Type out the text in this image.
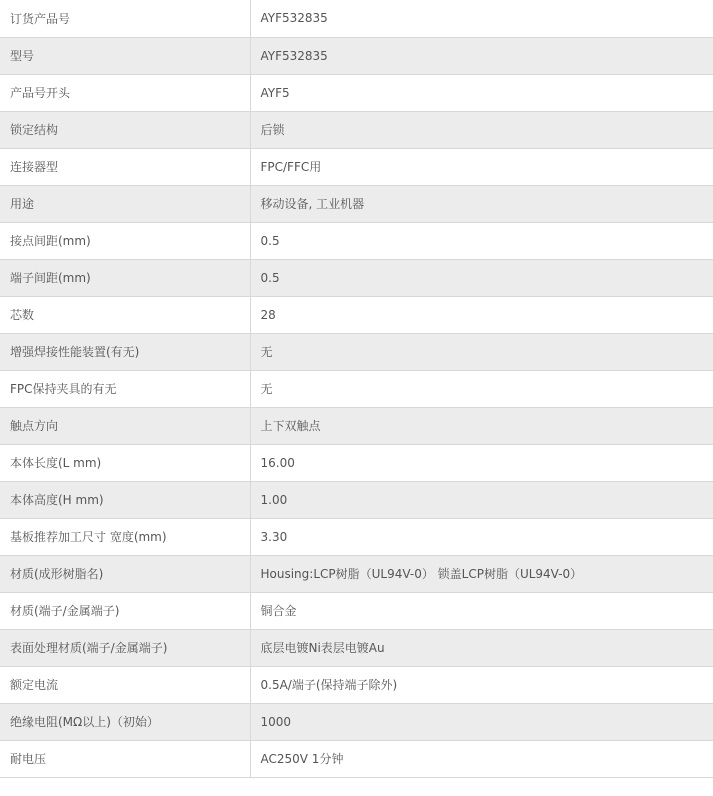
订货产品号	AYF532835
型号	AYF532835
产品号开头	AYF5
锁定结构	后锁
连接器型	FPC/FFC用
用途	移动设备, 工业机器
接点间距(mm)	0.5
端子间距(mm)	0.5
芯数	28
增强焊接性能装置(有无)	无
FPC保持夹具的有无	无
触点方向	上下双触点
本体长度(L mm)	16.00
本体高度(H mm)	1.00
基板推荐加工尺寸 宽度(mm)	3.30
材质(成形树脂名)	Housing:LCP树脂（UL94V-0） 锁盖LCP树脂（UL94V-0）
材质(端子/金属端子)	铜合金
表面处理材质(端子/金属端子)	底层电镀Ni表层电镀Au
额定电流	0.5A/端子(保持端子除外)
绝缘电阻(MΩ以上)（初始）	1000
耐电压	AC250V 1分钟
